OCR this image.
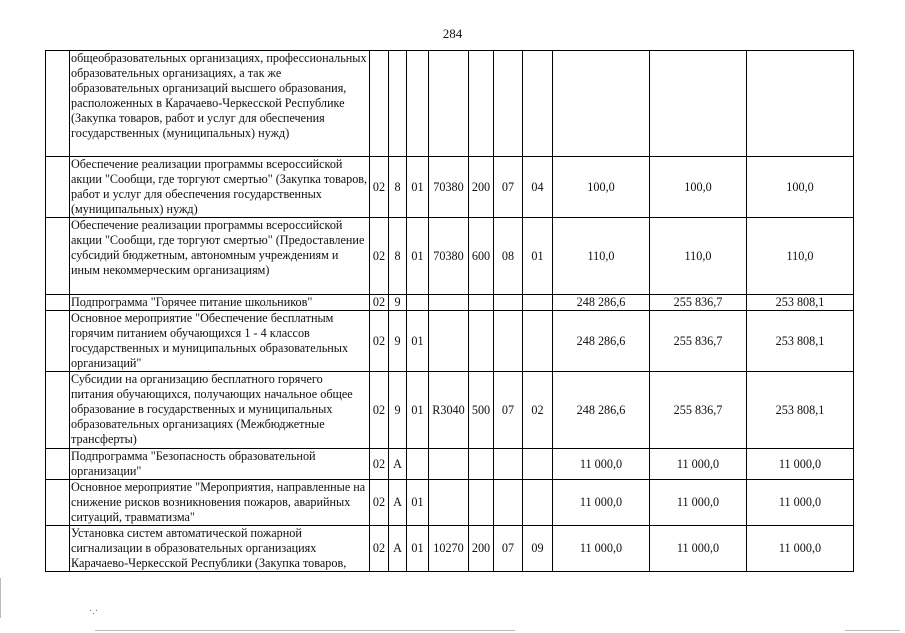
284
	общеобразовательных организациях, профессиональных образовательных организациях, а так же образовательных организаций высшего образования, расположенных в Карачаево-Черкесской Республике (Закупка товаров, работ и услуг для обеспечения государственных (муниципальных) нужд)										
	Обеспечение реализации программы всероссийской акции "Сообщи, где торгуют смертью" (Закупка товаров, работ и услуг для обеспечения государственных (муниципальных) нужд)	02	8	01	70380	200	07	04	100,0	100,0	100,0
	Обеспечение реализации программы всероссийской акции "Сообщи, где торгуют смертью" (Предоставление субсидий бюджетным, автономным учреждениям и иным некоммерческим организациям)	02	8	01	70380	600	08	01	110,0	110,0	110,0
	Подпрограмма "Горячее питание школьников"	02	9						248 286,6	255 836,7	253 808,1
	Основное мероприятие "Обеспечение бесплатным горячим питанием обучающихся 1 - 4 классов государственных и муниципальных образовательных организаций"	02	9	01					248 286,6	255 836,7	253 808,1
	Субсидии на организацию бесплатного горячего питания обучающихся, получающих начальное общее образование в государственных и муниципальных образовательных организациях (Межбюджетные трансферты)	02	9	01	R3040	500	07	02	248 286,6	255 836,7	253 808,1
	Подпрограмма "Безопасность образовательной организации"	02	А						11 000,0	11 000,0	11 000,0
	Основное мероприятие "Мероприятия, направленные на снижение рисков возникновения пожаров, аварийных ситуаций, травматизма"	02	А	01					11 000,0	11 000,0	11 000,0
	Установка систем автоматической пожарной сигнализации в образовательных организациях Карачаево-Черкесской Республики (Закупка товаров,	02	А	01	10270	200	07	09	11 000,0	11 000,0	11 000,0
·.·
